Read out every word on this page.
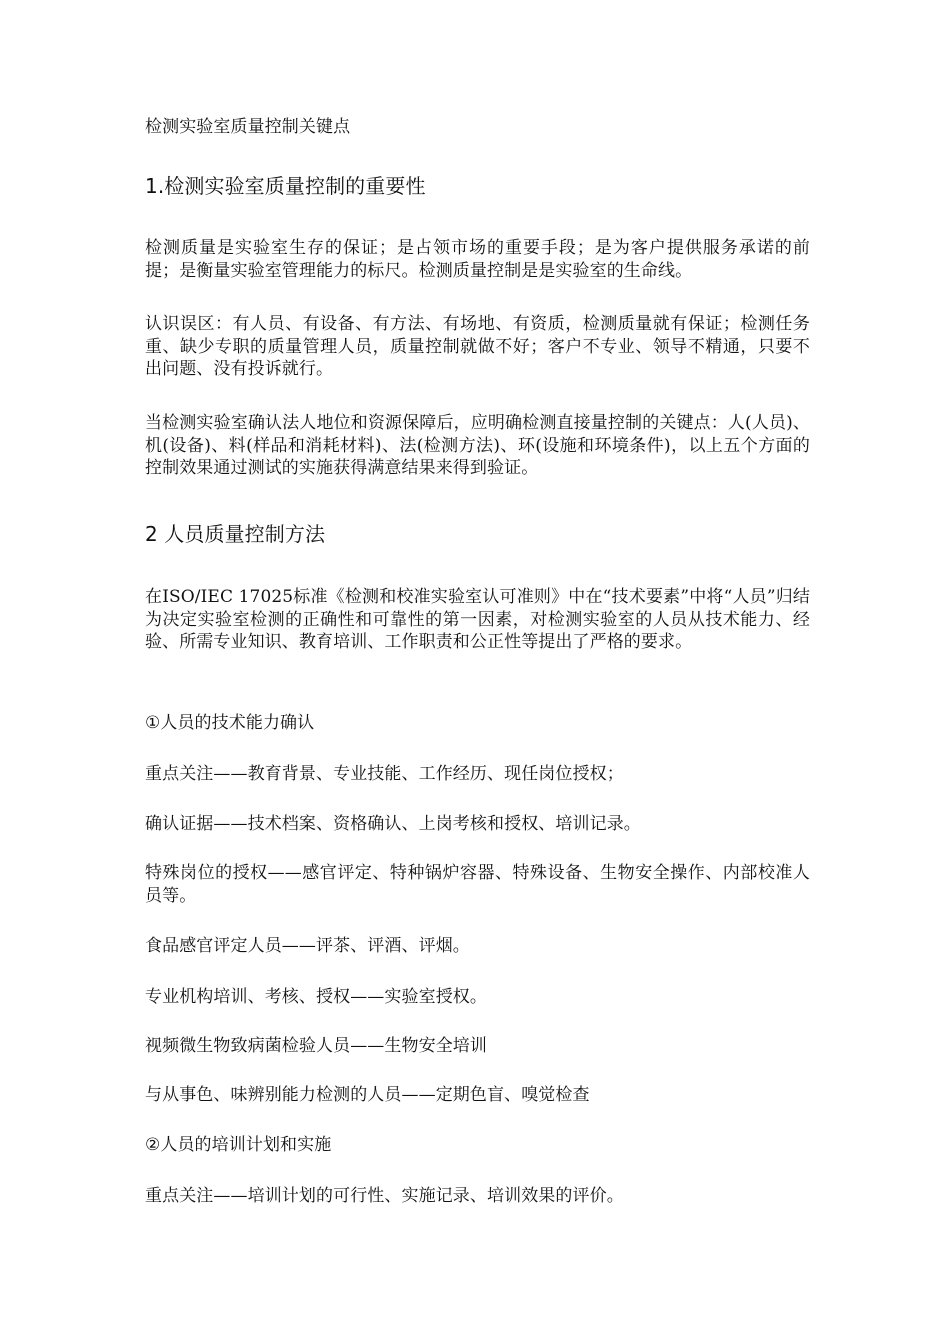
检测实验室质量控制关键点

1.检测实验室质量控制的重要性

检测质量是实验室生存的保证；是占领市场的重要手段；是为客户提供服务承诺的前提；是衡量实验室管理能力的标尺。检测质量控制是是实验室的生命线。

认识误区：有人员、有设备、有方法、有场地、有资质，检测质量就有保证；检测任务重、缺少专职的质量管理人员，质量控制就做不好；客户不专业、领导不精通，只要不出问题、没有投诉就行。

当检测实验室确认法人地位和资源保障后，应明确检测直接量控制的关键点：人(人员)、机(设备)、料(样品和消耗材料)、法(检测方法)、环(设施和环境条件)，以上五个方面的控制效果通过测试的实施获得满意结果来得到验证。

2 人员质量控制方法

在ISO/IEC 17025标准《检测和校准实验室认可准则》中在“技术要素”中将“人员”归结为决定实验室检测的正确性和可靠性的第一因素，对检测实验室的人员从技术能力、经验、所需专业知识、教育培训、工作职责和公正性等提出了严格的要求。

①人员的技术能力确认

重点关注——教育背景、专业技能、工作经历、现任岗位授权；

确认证据——技术档案、资格确认、上岗考核和授权、培训记录。

特殊岗位的授权——感官评定、特种锅炉容器、特殊设备、生物安全操作、内部校准人员等。

食品感官评定人员——评茶、评酒、评烟。

专业机构培训、考核、授权——实验室授权。

视频微生物致病菌检验人员——生物安全培训

与从事色、味辨别能力检测的人员——定期色盲、嗅觉检查

②人员的培训计划和实施

重点关注——培训计划的可行性、实施记录、培训效果的评价。
